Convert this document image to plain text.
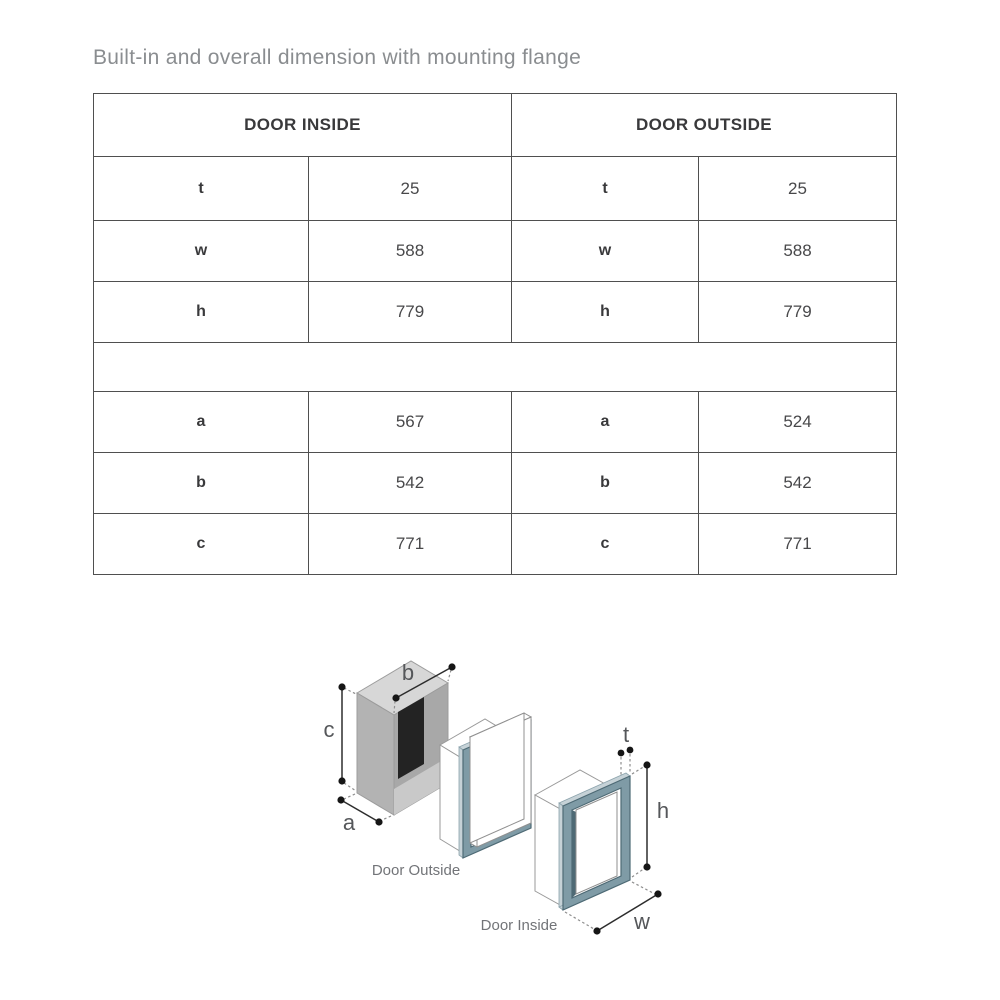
Built-in and overall dimension with mounting flange
DOOR INSIDE		DOOR OUTSIDE	
t	25	t	25
w	588	w	588
h	779	h	779

a	567	a	524
b	542	b	542
c	771	c	771
c
a
b
t
h
w
Door Outside
Door Inside
